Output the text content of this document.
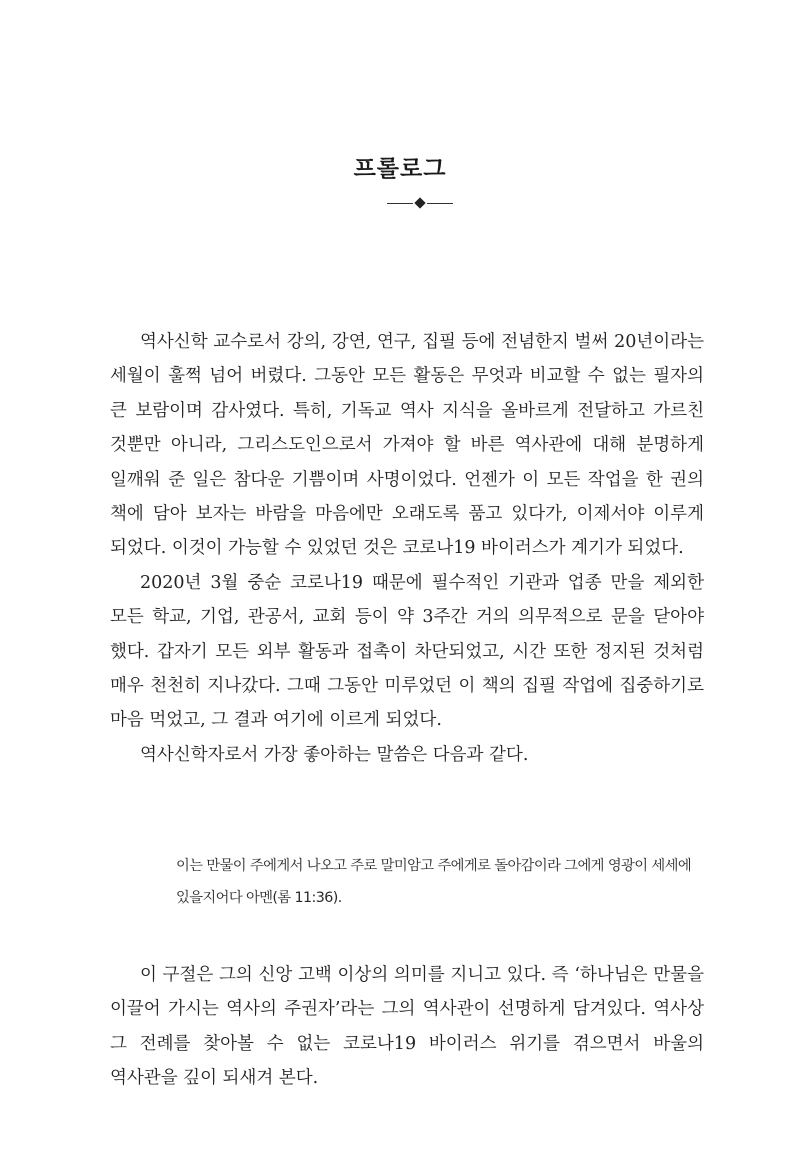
프롤로그

역사신학 교수로서 강의, 강연, 연구, 집필 등에 전념한지 벌써 20년이라는 세월이 훌쩍 넘어 버렸다. 그동안 모든 활동은 무엇과 비교할 수 없는 필자의 큰 보람이며 감사였다. 특히, 기독교 역사 지식을 올바르게 전달하고 가르친 것뿐만 아니라, 그리스도인으로서 가져야 할 바른 역사관에 대해 분명하게 일깨워 준 일은 참다운 기쁨이며 사명이었다. 언젠가 이 모든 작업을 한 권의 책에 담아 보자는 바람을 마음에만 오래도록 품고 있다가, 이제서야 이루게 되었다. 이것이 가능할 수 있었던 것은 코로나19 바이러스가 계기가 되었다.

2020년 3월 중순 코로나19 때문에 필수적인 기관과 업종 만을 제외한 모든 학교, 기업, 관공서, 교회 등이 약 3주간 거의 의무적으로 문을 닫아야 했다. 갑자기 모든 외부 활동과 접촉이 차단되었고, 시간 또한 정지된 것처럼 매우 천천히 지나갔다. 그때 그동안 미루었던 이 책의 집필 작업에 집중하기로 마음 먹었고, 그 결과 여기에 이르게 되었다.

역사신학자로서 가장 좋아하는 말씀은 다음과 같다.

이는 만물이 주에게서 나오고 주로 말미암고 주에게로 돌아감이라 그에게 영광이 세세에 있을지어다 아멘(롬 11:36).

이 구절은 그의 신앙 고백 이상의 의미를 지니고 있다. 즉 ‘하나님은 만물을 이끌어 가시는 역사의 주권자’라는 그의 역사관이 선명하게 담겨있다. 역사상 그 전례를 찾아볼 수 없는 코로나19 바이러스 위기를 겪으면서 바울의 역사관을 깊이 되새겨 본다.
